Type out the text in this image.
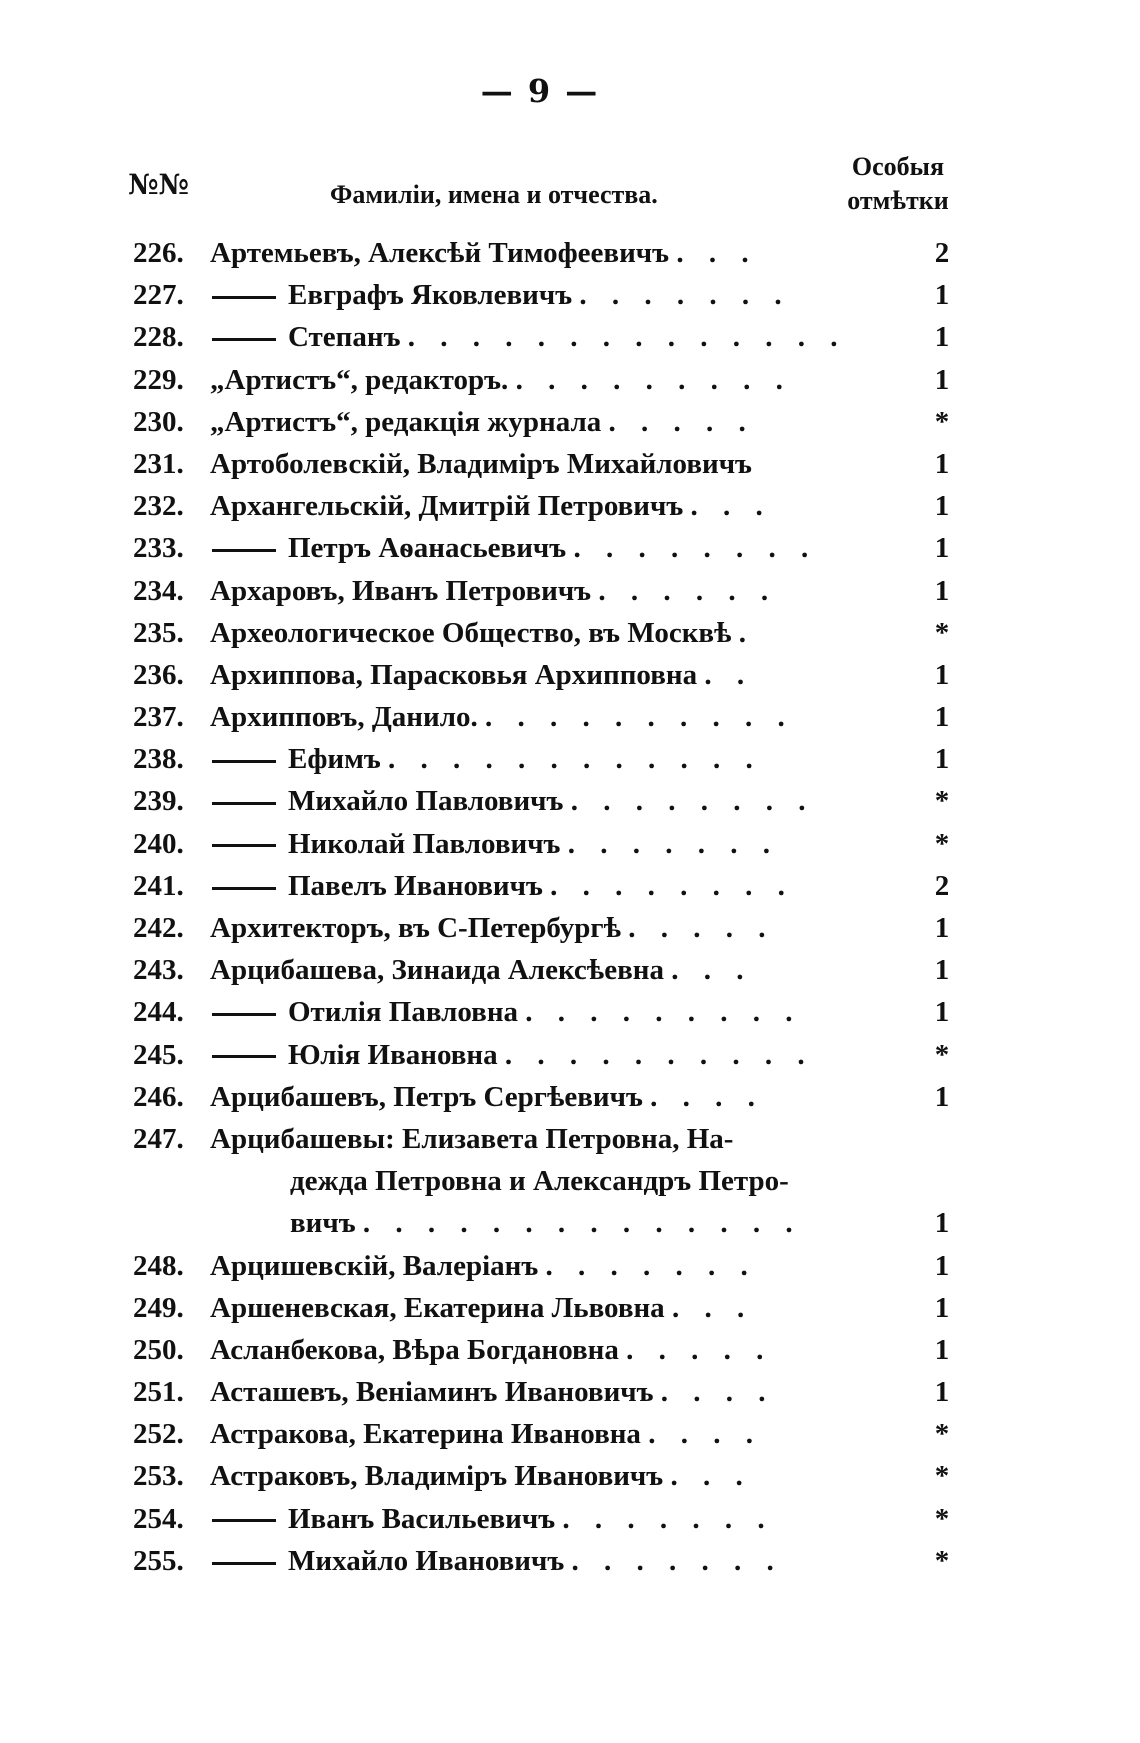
— 9 —
№№	Фамиліи, имена и отчества.
Особыя
отмѣтки
226. Артемьевъ, Алексѣй Тимофеевичъ . . .	2
227.	Евграфъ Яковлевичъ . . . . . . .	1
228.	Степанъ . . . . . . . . . . . . . .	1
229. „Артистъ“, редакторъ. . . . . . . . . .	1
230. „Артистъ“, редакція журнала . . . . .	*
231. Артоболевскій, Владиміръ Михайловичъ	1
232. Архангельскій, Дмитрій Петровичъ . . .	1
233.	Петръ Аѳанасьевичъ . . . . . . . .	1
234. Архаровъ, Иванъ Петровичъ . . . . . .	1
235. Археологическое Общество, въ Москвѣ .	*
236. Архиппова, Парасковья Архипповна . .	1
237. Архипповъ, Данило. . . . . . . . . . .	1
238.	Ефимъ . . . . . . . . . . . .	1
239.	Михайло Павловичъ . . . . . . . .	*
240.	Николай Павловичъ . . . . . . .	*
241.	Павелъ Ивановичъ . . . . . . . .	2
242. Архитекторъ, въ С-Петербургѣ . . . . .	1
243. Арцибашева, Зинаида Алексѣевна . . .	1
244.	Отилія Павловна . . . . . . . . .	1
245.	Юлія Ивановна . . . . . . . . . .	*
246. Арцибашевъ, Петръ Сергѣевичъ . . . .	1
247. Арцибашевы: Елизавета Петровна, На-
дежда Петровна и Александръ Петро-
вичъ . . . . . . . . . . . . . .	1
248. Арцишевскій, Валеріанъ . . . . . . .	1
249. Аршеневская, Екатерина Львовна . . .	1
250. Асланбекова, Вѣра Богдановна . . . . .	1
251. Асташевъ, Веніаминъ Ивановичъ . . . .	1
252. Астракова, Екатерина Ивановна . . . .	*
253. Астраковъ, Владиміръ Ивановичъ . . .	*
254.	Иванъ Васильевичъ . . . . . . .	*
255.	Михайло Ивановичъ . . . . . . .	*
